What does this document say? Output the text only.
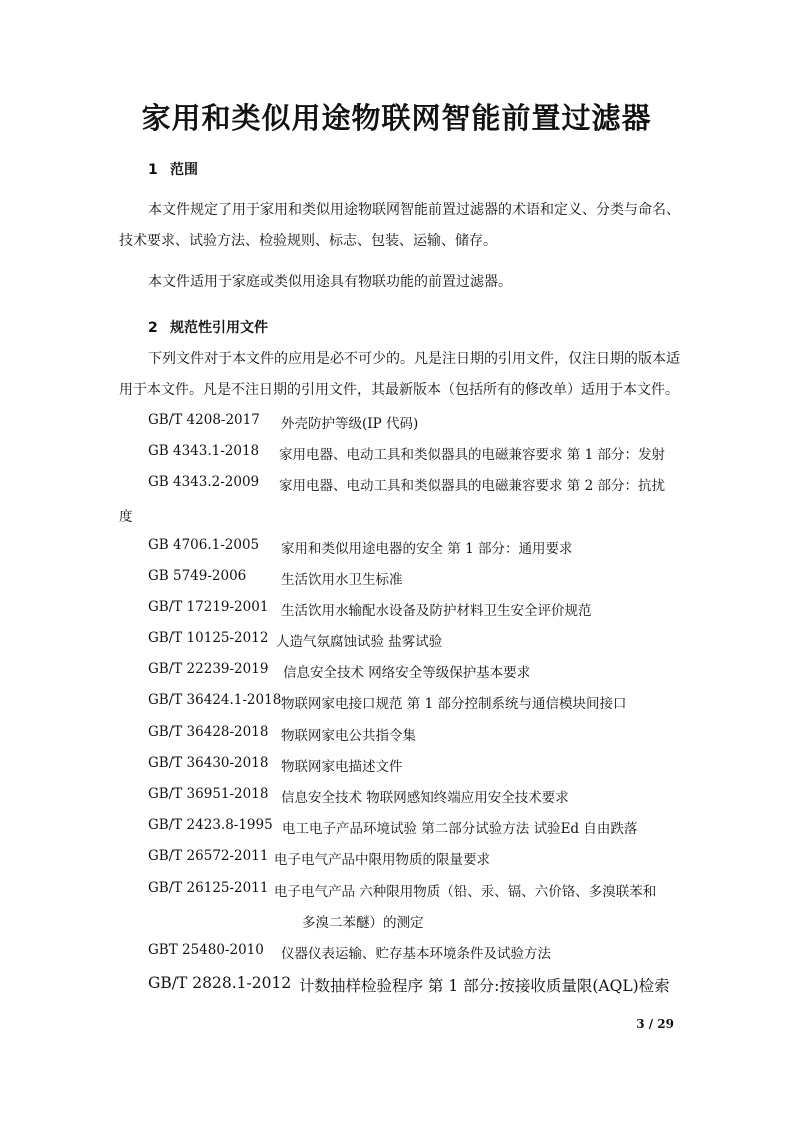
家用和类似用途物联网智能前置过滤器
1 范围
本文件规定了用于家用和类似用途物联网智能前置过滤器的术语和定义、分类与命名、
技术要求、试验方法、检验规则、标志、包装、运输、储存。
本文件适用于家庭或类似用途具有物联功能的前置过滤器。
2 规范性引用文件
下列文件对于本文件的应用是必不可少的。凡是注日期的引用文件，仅注日期的版本适
用于本文件。凡是不注日期的引用文件，其最新版本（包括所有的修改单）适用于本文件。
GB/T 4208-2017 外壳防护等级(IP 代码)
GB 4343.1-2018 家用电器、电动工具和类似器具的电磁兼容要求 第 1 部分：发射
GB 4343.2-2009 家用电器、电动工具和类似器具的电磁兼容要求 第 2 部分：抗扰
度
GB 4706.1-2005 家用和类似用途电器的安全 第 1 部分：通用要求
GB 5749-2006	生活饮用水卫生标准
GB/T 17219-2001 生活饮用水输配水设备及防护材料卫生安全评价规范
GB/T 10125-2012 人造气氛腐蚀试验 盐雾试验
GB/T 22239-2019 信息安全技术 网络安全等级保护基本要求
GB/T 36424.1-2018 物联网家电接口规范 第 1 部分控制系统与通信模块间接口
GB/T 36428-2018 物联网家电公共指令集
GB/T 36430-2018 物联网家电描述文件
GB/T 36951-2018 信息安全技术 物联网感知终端应用安全技术要求
GB/T 2423.8-1995 电工电子产品环境试验 第二部分试验方法 试验Ed 自由跌落
GB/T 26572-2011 电子电气产品中限用物质的限量要求
GB/T 26125-2011 电子电气产品 六种限用物质（铅、汞、镉、六价铬、多溴联苯和
多溴二苯醚）的测定
GBT 25480-2010 仪器仪表运输、贮存基本环境条件及试验方法
GB/T 2828.1-2012 计数抽样检验程序 第 1 部分:按接收质量限(AQL)检索
3 / 29
